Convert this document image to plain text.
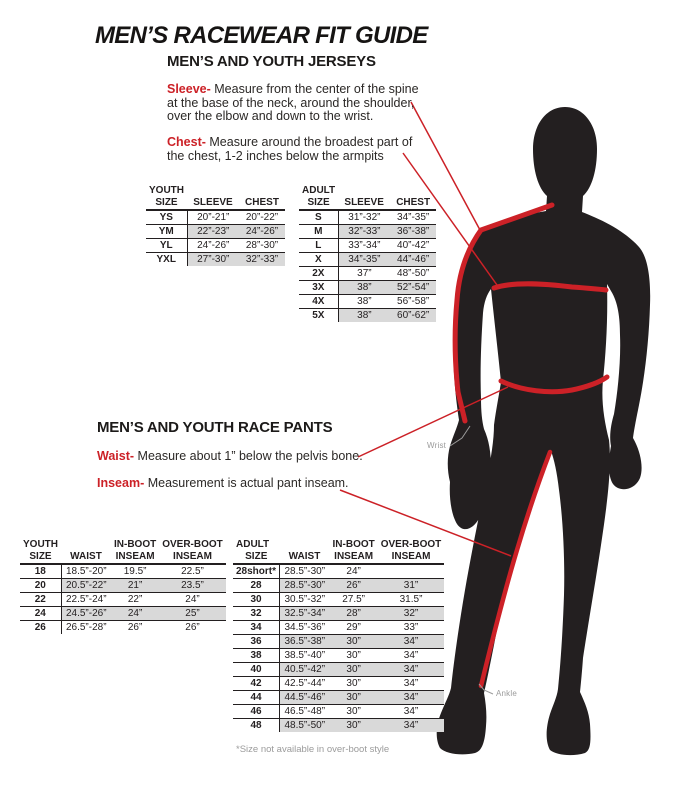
Wrist
Ankle
MEN’S RACEWEAR FIT GUIDE
MEN’S AND YOUTH JERSEYS

Sleeve- Measure from the center of the spine at the base of the neck, around the shoulder, over the elbow and down to the wrist.

Chest- Measure around the broadest part of the chest, 1-2 inches below the armpits

YOUTH		
SIZE	SLEEVE	CHEST
YS	20”-21”	20”-22”
YM	22”-23”	24”-26”
YL	24”-26”	28”-30”
YXL	27”-30”	32”-33”
ADULT		
SIZE	SLEEVE	CHEST
S	31”-32”	34”-35”
M	32”-33”	36”-38”
L	33”-34”	40”-42”
X	34”-35”	44”-46”
2X	37”	48”-50”
3X	38”	52”-54”
4X	38”	56”-58”
5X	38”	60”-62”
MEN’S AND YOUTH RACE PANTS

Waist- Measure about 1” below the pelvis bone.

Inseam- Measurement is actual pant inseam.

YOUTH		IN-BOOT	OVER-BOOT
SIZE	WAIST	INSEAM	INSEAM
18	18.5”-20”	19.5”	22.5”
20	20.5”-22”	21”	23.5”
22	22.5”-24”	22”	24”
24	24.5”-26”	24”	25”
26	26.5”-28”	26”	26”
ADULT		IN-BOOT	OVER-BOOT
SIZE	WAIST	INSEAM	INSEAM
28short*	28.5”-30”	24”	
28	28.5”-30”	26”	31”
30	30.5”-32”	27.5”	31.5”
32	32.5”-34”	28”	32”
34	34.5”-36”	29”	33”
36	36.5”-38”	30”	34”
38	38.5”-40”	30”	34”
40	40.5”-42”	30”	34”
42	42.5”-44”	30”	34”
44	44.5”-46”	30”	34”
46	46.5”-48”	30”	34”
48	48.5”-50”	30”	34”
*Size not available in over-boot style
